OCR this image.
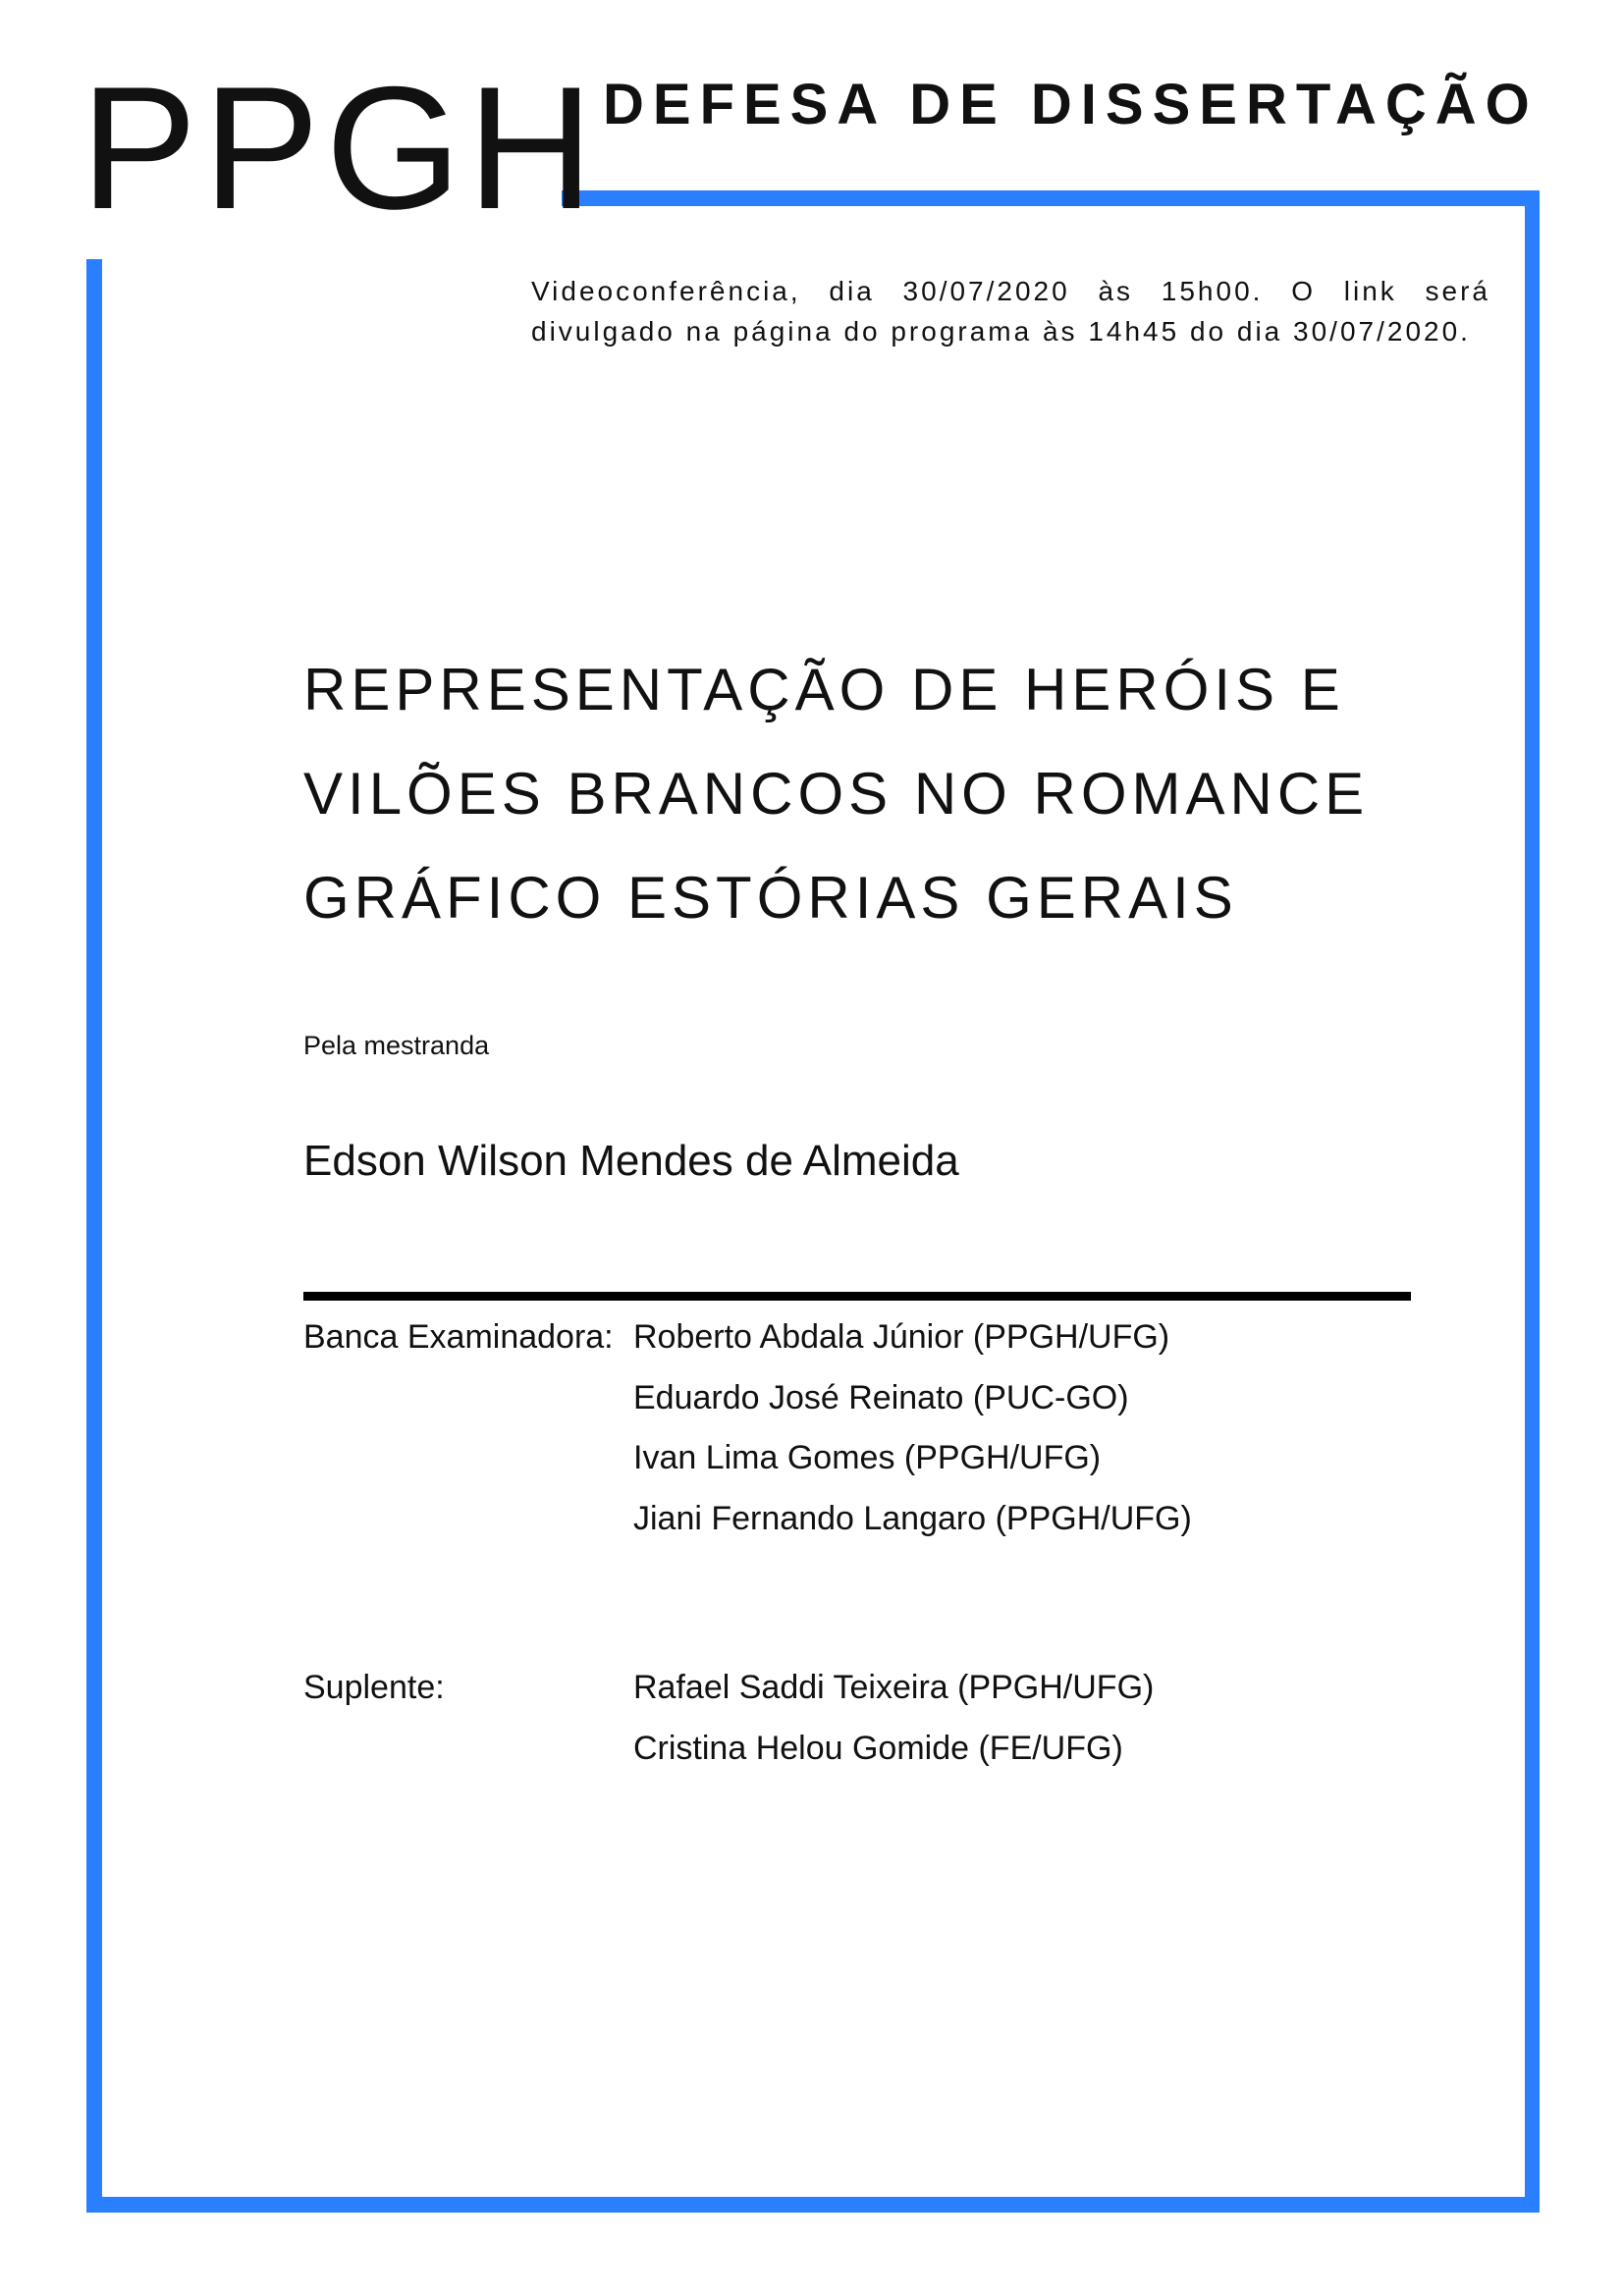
PPGH DEFESA DE DISSERTAÇÃO
Videoconferência, dia 30/07/2020 às 15h00. O link será divulgado na página do programa às 14h45 do dia 30/07/2020.
REPRESENTAÇÃO DE HERÓIS E
VILÕES BRANCOS NO ROMANCE
GRÁFICO ESTÓRIAS GERAIS
Pela mestranda
Edson Wilson Mendes de Almeida
Banca Examinadora: Roberto Abdala Júnior (PPGH/UFG)
Eduardo José Reinato (PUC-GO)
Ivan Lima Gomes (PPGH/UFG)
Jiani Fernando Langaro (PPGH/UFG)
Suplente:	Rafael Saddi Teixeira (PPGH/UFG)
Cristina Helou Gomide (FE/UFG)
